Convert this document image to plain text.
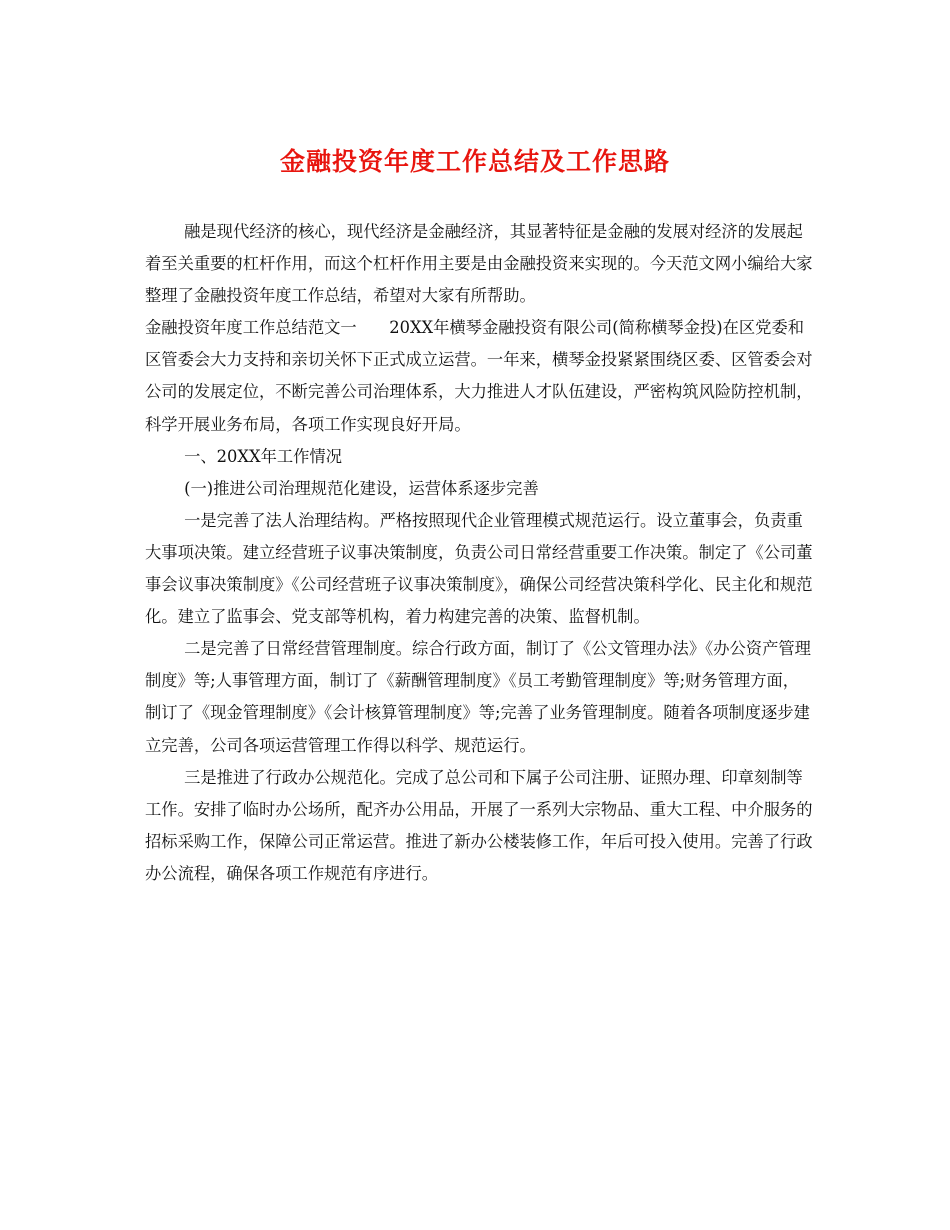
金融投资年度工作总结及工作思路

融是现代经济的核心，现代经济是金融经济，其显著特征是金融的发展对经济的发展起着至关重要的杠杆作用，而这个杠杆作用主要是由金融投资来实现的。今天范文网小编给大家整理了金融投资年度工作总结，希望对大家有所帮助。

金融投资年度工作总结范文一　　20XX年横琴金融投资有限公司(简称横琴金投)在区党委和区管委会大力支持和亲切关怀下正式成立运营。一年来，横琴金投紧紧围绕区委、区管委会对公司的发展定位，不断完善公司治理体系，大力推进人才队伍建设，严密构筑风险防控机制，科学开展业务布局，各项工作实现良好开局。

一、20XX年工作情况

(一)推进公司治理规范化建设，运营体系逐步完善

一是完善了法人治理结构。严格按照现代企业管理模式规范运行。设立董事会，负责重大事项决策。建立经营班子议事决策制度，负责公司日常经营重要工作决策。制定了《公司董事会议事决策制度》《公司经营班子议事决策制度》，确保公司经营决策科学化、民主化和规范化。建立了监事会、党支部等机构，着力构建完善的决策、监督机制。

二是完善了日常经营管理制度。综合行政方面，制订了《公文管理办法》《办公资产管理制度》等;人事管理方面，制订了《薪酬管理制度》《员工考勤管理制度》等;财务管理方面，制订了《现金管理制度》《会计核算管理制度》等;完善了业务管理制度。随着各项制度逐步建立完善，公司各项运营管理工作得以科学、规范运行。

三是推进了行政办公规范化。完成了总公司和下属子公司注册、证照办理、印章刻制等工作。安排了临时办公场所，配齐办公用品，开展了一系列大宗物品、重大工程、中介服务的招标采购工作，保障公司正常运营。推进了新办公楼装修工作，年后可投入使用。完善了行政办公流程，确保各项工作规范有序进行。
